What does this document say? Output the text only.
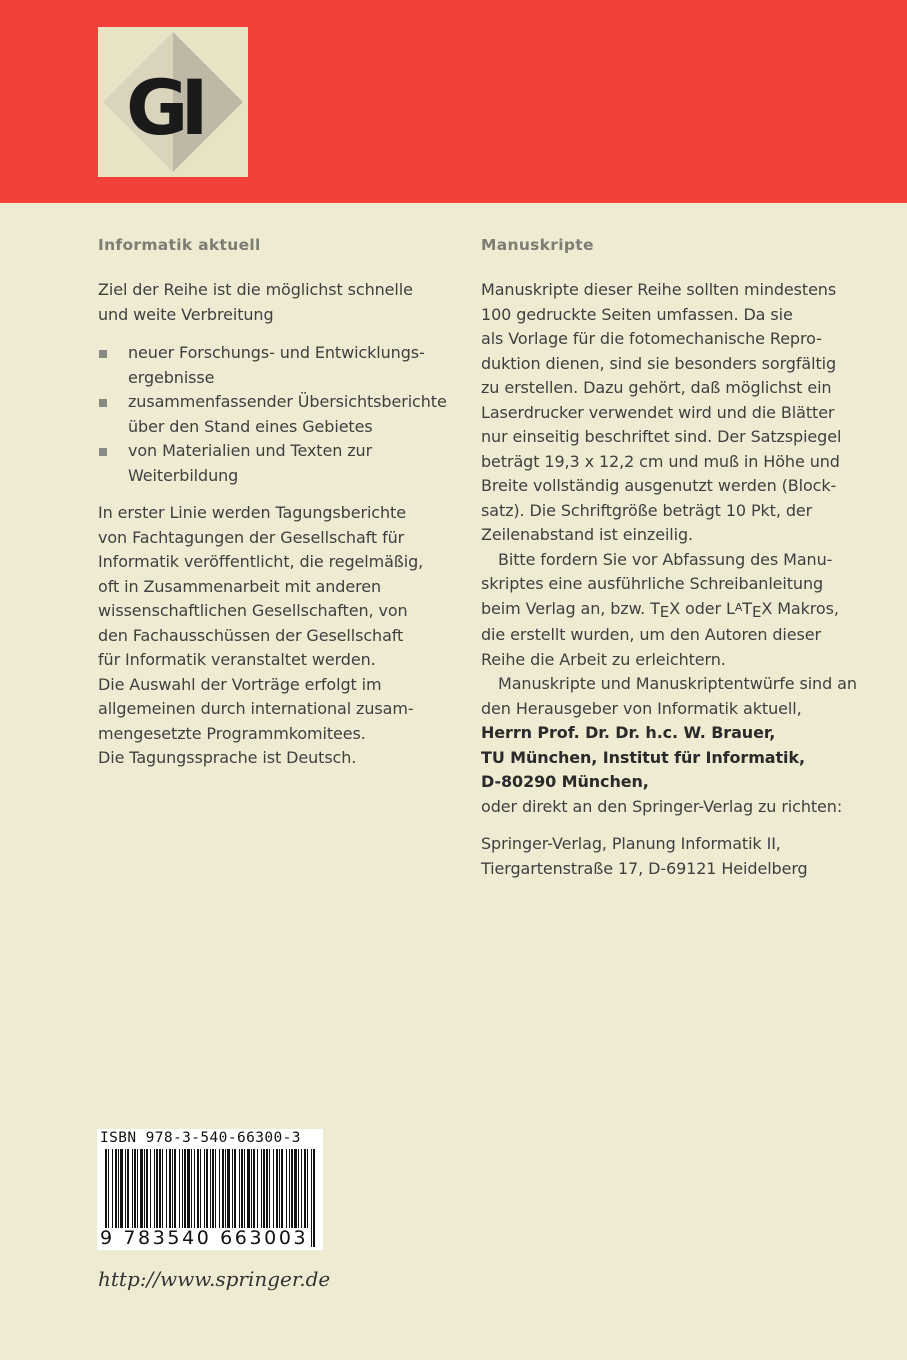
GI
Informatik aktuell
Ziel der Reihe ist die möglichst schnelle
und weite Verbreitung
neuer Forschungs- und Entwicklungs-
ergebnisse
zusammenfassender Übersichtsberichte
über den Stand eines Gebietes
von Materialien und Texten zur
Weiterbildung
In erster Linie werden Tagungsberichte
von Fachtagungen der Gesellschaft für
Informatik veröffentlicht, die regelmäßig,
oft in Zusammenarbeit mit anderen
wissenschaftlichen Gesellschaften, von
den Fachausschüssen der Gesellschaft
für Informatik veranstaltet werden.
Die Auswahl der Vorträge erfolgt im
allgemeinen durch international zusam-
mengesetzte Programmkomitees.
Die Tagungssprache ist Deutsch.
Manuskripte
Manuskripte dieser Reihe sollten mindestens
100 gedruckte Seiten umfassen. Da sie
als Vorlage für die fotomechanische Repro-
duktion dienen, sind sie besonders sorgfältig
zu erstellen. Dazu gehört, daß möglichst ein
Laserdrucker verwendet wird und die Blätter
nur einseitig beschriftet sind. Der Satzspiegel
beträgt 19,3 x 12,2 cm und muß in Höhe und
Breite vollständig ausgenutzt werden (Block-
satz). Die Schriftgröße beträgt 10 Pkt, der
Zeilenabstand ist einzeilig.
Bitte fordern Sie vor Abfassung des Manu-
skriptes eine ausführliche Schreibanleitung
beim Verlag an, bzw. TEX oder LATEX Makros,
die erstellt wurden, um den Autoren dieser
Reihe die Arbeit zu erleichtern.
Manuskripte und Manuskriptentwürfe sind an
den Herausgeber von Informatik aktuell,
Herrn Prof. Dr. Dr. h.c. W. Brauer,
TU München, Institut für Informatik,
D-80290 München,
oder direkt an den Springer-Verlag zu richten:
Springer-Verlag, Planung Informatik II,
Tiergartenstraße 17, D-69121 Heidelberg
ISBN 978-3-540-66300-3
9 783540 663003
http://www.springer.de
